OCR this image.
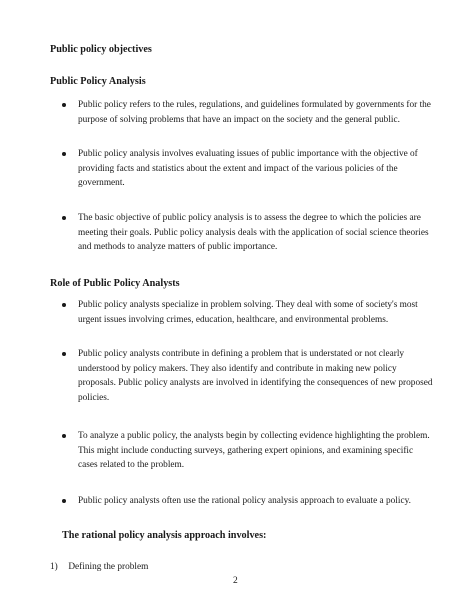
Public policy objectives
Public Policy Analysis
Public policy refers to the rules, regulations, and guidelines formulated by governments for the purpose of solving problems that have an impact on the society and the general public.
Public policy analysis involves evaluating issues of public importance with the objective of providing facts and statistics about the extent and impact of the various policies of the government.
The basic objective of public policy analysis is to assess the degree to which the policies are meeting their goals. Public policy analysis deals with the application of social science theories and methods to analyze matters of public importance.
Role of Public Policy Analysts
Public policy analysts specialize in problem solving. They deal with some of society's most urgent issues involving crimes, education, healthcare, and environmental problems.
Public policy analysts contribute in defining a problem that is understated or not clearly understood by policy makers. They also identify and contribute in making new policy proposals. Public policy analysts are involved in identifying the consequences of new proposed policies.
To analyze a public policy, the analysts begin by collecting evidence highlighting the problem. This might include conducting surveys, gathering expert opinions, and examining specific cases related to the problem.
Public policy analysts often use the rational policy analysis approach to evaluate a policy.
The rational policy analysis approach involves:
1) Defining the problem
2
